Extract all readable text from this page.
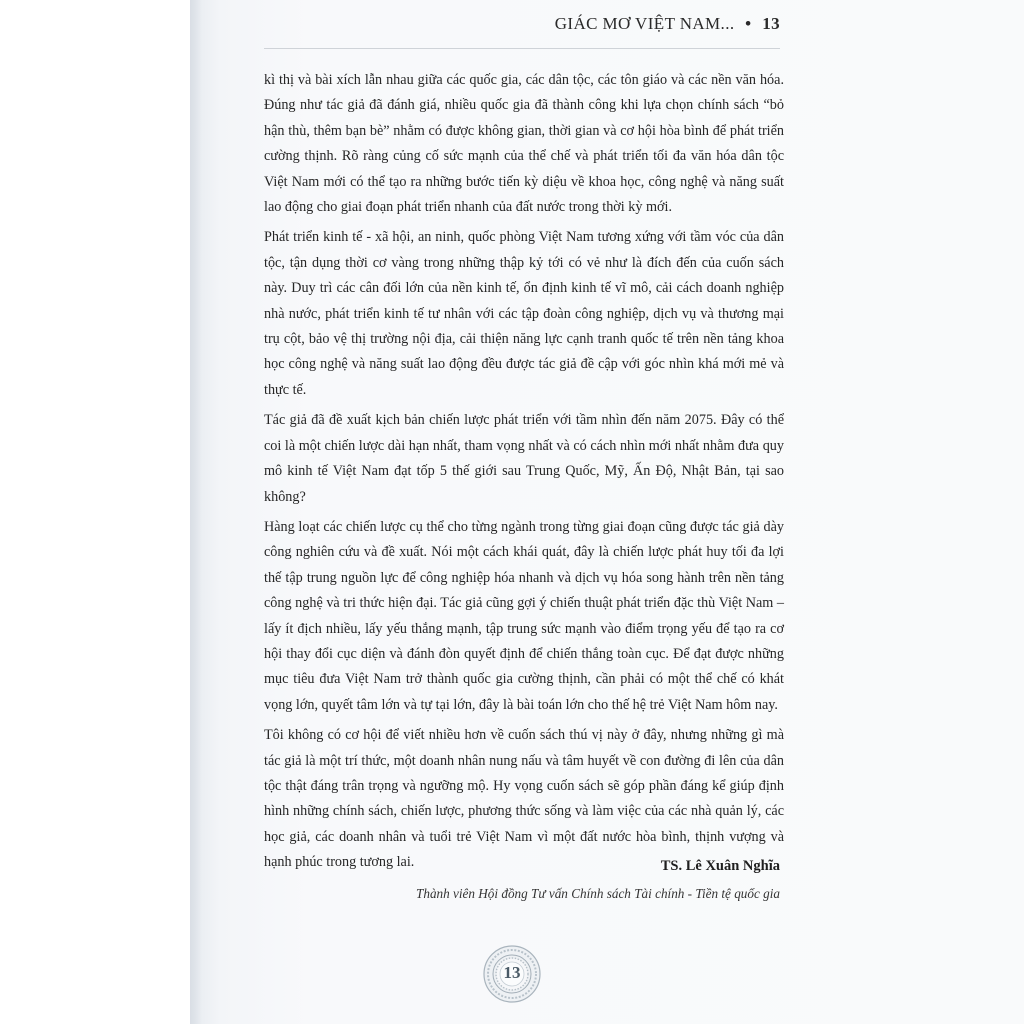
GIÁC MƠ VIỆT NAM... • 13

kì thị và bài xích lẫn nhau giữa các quốc gia, các dân tộc, các tôn giáo và các nền văn hóa. Đúng như tác giả đã đánh giá, nhiều quốc gia đã thành công khi lựa chọn chính sách “bỏ hận thù, thêm bạn bè” nhằm có được không gian, thời gian và cơ hội hòa bình để phát triển cường thịnh. Rõ ràng củng cố sức mạnh của thể chế và phát triển tối đa văn hóa dân tộc Việt Nam mới có thể tạo ra những bước tiến kỳ diệu về khoa học, công nghệ và năng suất lao động cho giai đoạn phát triển nhanh của đất nước trong thời kỳ mới.

Phát triển kinh tế - xã hội, an ninh, quốc phòng Việt Nam tương xứng với tầm vóc của dân tộc, tận dụng thời cơ vàng trong những thập kỷ tới có vẻ như là đích đến của cuốn sách này. Duy trì các cân đối lớn của nền kinh tế, ổn định kinh tế vĩ mô, cải cách doanh nghiệp nhà nước, phát triển kinh tế tư nhân với các tập đoàn công nghiệp, dịch vụ và thương mại trụ cột, bảo vệ thị trường nội địa, cải thiện năng lực cạnh tranh quốc tế trên nền tảng khoa học công nghệ và năng suất lao động đều được tác giả đề cập với góc nhìn khá mới mẻ và thực tế.

Tác giả đã đề xuất kịch bản chiến lược phát triển với tầm nhìn đến năm 2075. Đây có thể coi là một chiến lược dài hạn nhất, tham vọng nhất và có cách nhìn mới nhất nhằm đưa quy mô kinh tế Việt Nam đạt tốp 5 thế giới sau Trung Quốc, Mỹ, Ấn Độ, Nhật Bản, tại sao không?

Hàng loạt các chiến lược cụ thể cho từng ngành trong từng giai đoạn cũng được tác giả dày công nghiên cứu và đề xuất. Nói một cách khái quát, đây là chiến lược phát huy tối đa lợi thế tập trung nguồn lực để công nghiệp hóa nhanh và dịch vụ hóa song hành trên nền tảng công nghệ và tri thức hiện đại. Tác giả cũng gợi ý chiến thuật phát triển đặc thù Việt Nam – lấy ít địch nhiều, lấy yếu thắng mạnh, tập trung sức mạnh vào điểm trọng yếu để tạo ra cơ hội thay đổi cục diện và đánh đòn quyết định để chiến thắng toàn cục. Để đạt được những mục tiêu đưa Việt Nam trở thành quốc gia cường thịnh, cần phải có một thể chế có khát vọng lớn, quyết tâm lớn và tự tại lớn, đây là bài toán lớn cho thế hệ trẻ Việt Nam hôm nay.

Tôi không có cơ hội để viết nhiều hơn về cuốn sách thú vị này ở đây, nhưng những gì mà tác giả là một trí thức, một doanh nhân nung nấu và tâm huyết về con đường đi lên của dân tộc thật đáng trân trọng và ngưỡng mộ. Hy vọng cuốn sách sẽ góp phần đáng kể giúp định hình những chính sách, chiến lược, phương thức sống và làm việc của các nhà quản lý, các học giả, các doanh nhân và tuổi trẻ Việt Nam vì một đất nước hòa bình, thịnh vượng và hạnh phúc trong tương lai.	TS. Lê Xuân Nghĩa
Thành viên Hội đồng Tư vấn Chính sách Tài chính - Tiền tệ quốc gia
13
